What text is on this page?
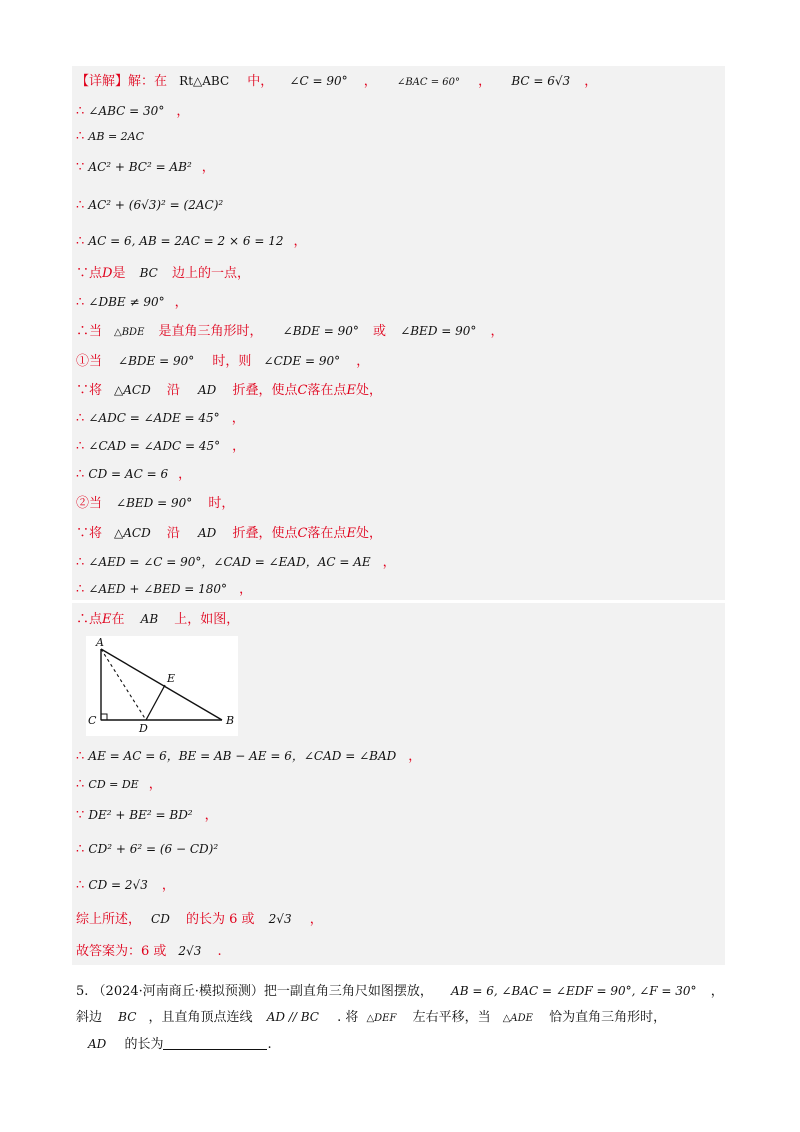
【详解】解：在 Rt△ABC 中， ∠C = 90° ， ∠BAC = 60° ， BC = 6√3 ，
∴ ∠ABC = 30° ，
∴ AB = 2AC
∵ AC² + BC² = AB² ，
∴ AC² + (6√3)² = (2AC)²
∴ AC = 6, AB = 2AC = 2 × 6 = 12 ，
∵点D是 BC 边上的一点，
∴ ∠DBE ≠ 90° ，
∴当 △BDE 是直角三角形时， ∠BDE = 90° 或 ∠BED = 90° ，
①当 ∠BDE = 90° 时，则 ∠CDE = 90° ，
∵将 △ACD 沿 AD 折叠，使点C落在点E处，
∴ ∠ADC = ∠ADE = 45° ，
∴ ∠CAD = ∠ADC = 45° ，
∴ CD = AC = 6 ，
②当 ∠BED = 90° 时，
∵将 △ACD 沿 AD 折叠，使点C落在点E处，
∴ ∠AED = ∠C = 90°，∠CAD = ∠EAD，AC = AE ，
∴ ∠AED + ∠BED = 180° ，
∴点E在 AB 上，如图，
A
E
C
D
B
∴ AE = AC = 6，BE = AB − AE = 6，∠CAD = ∠BAD ，
∴ CD = DE ，
∵ DE² + BE² = BD² ，
∴ CD² + 6² = (6 − CD)²
∴ CD = 2√3 ，
综上所述， CD 的长为 6 或 2√3 ，
故答案为：6 或 2√3 .
5. （2024·河南商丘·模拟预测）把一副直角三角尺如图摆放， AB = 6, ∠BAC = ∠EDF = 90°, ∠F = 30° ，
斜边 BC ，且直角顶点连线 AD // BC . 将 △DEF 左右平移，当 △ADE 恰为直角三角形时，
AD 的长为	.
